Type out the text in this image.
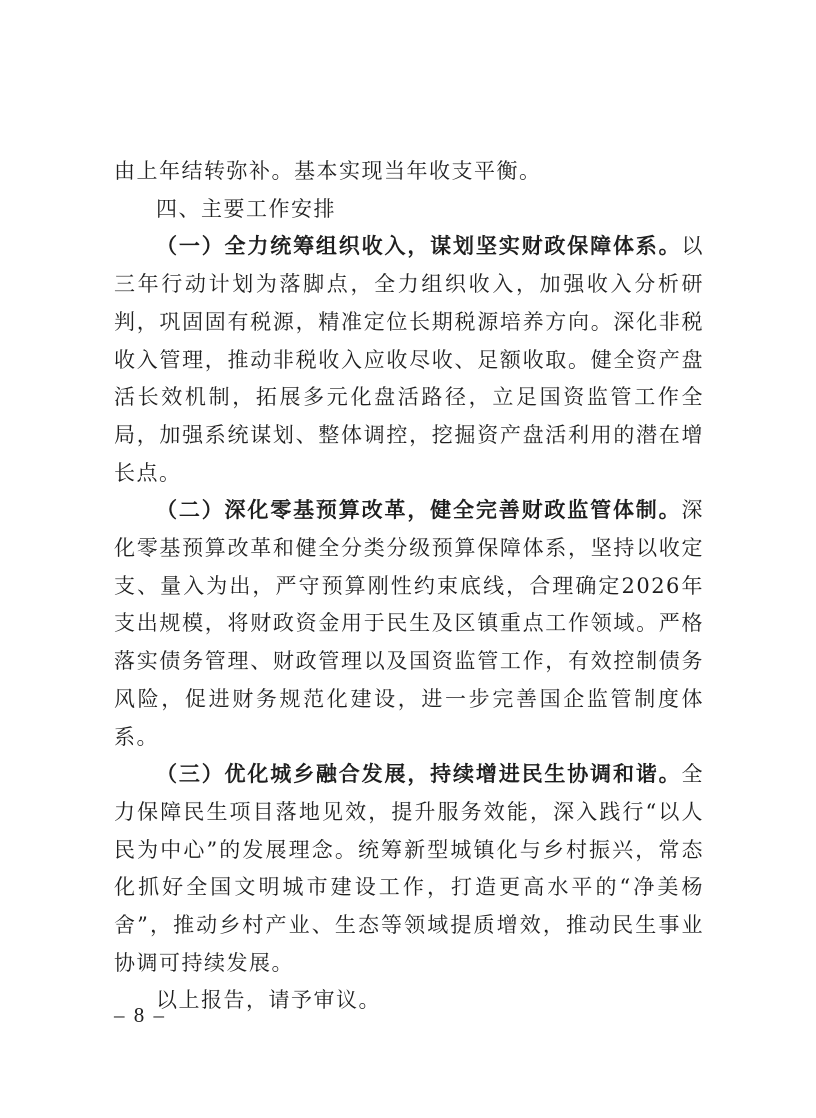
由上年结转弥补。基本实现当年收支平衡。

四、主要工作安排

（一）全力统筹组织收入，谋划坚实财政保障体系。以三年行动计划为落脚点，全力组织收入，加强收入分析研判，巩固固有税源，精准定位长期税源培养方向。深化非税收入管理，推动非税收入应收尽收、足额收取。健全资产盘活长效机制，拓展多元化盘活路径，立足国资监管工作全局，加强系统谋划、整体调控，挖掘资产盘活利用的潜在增长点。

（二）深化零基预算改革，健全完善财政监管体制。深化零基预算改革和健全分类分级预算保障体系，坚持以收定支、量入为出，严守预算刚性约束底线，合理确定2026年支出规模，将财政资金用于民生及区镇重点工作领域。严格落实债务管理、财政管理以及国资监管工作，有效控制债务风险，促进财务规范化建设，进一步完善国企监管制度体系。

（三）优化城乡融合发展，持续增进民生协调和谐。全力保障民生项目落地见效，提升服务效能，深入践行“以人民为中心”的发展理念。统筹新型城镇化与乡村振兴，常态化抓好全国文明城市建设工作，打造更高水平的“净美杨舍”，推动乡村产业、生态等领域提质增效，推动民生事业协调可持续发展。

以上报告，请予审议。

– 8 –
